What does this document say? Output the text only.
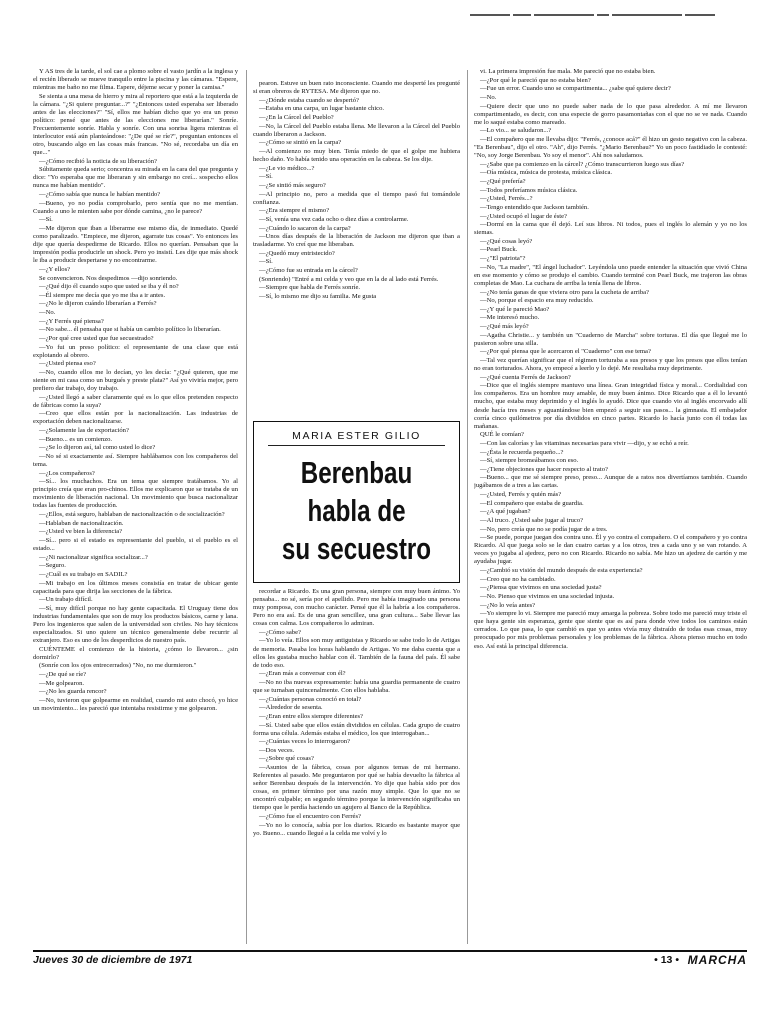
Y AS tres de la tarde, el sol cae a plomo sobre el vasto jardín a la inglesa y el recién liberado se mueve tranquilo entre la piscina y las cámaras. "Espere, mientras me baño no me filma. Espere, déjeme secar y poner la camisa."

Se sienta a una mesa de hierro y mira al reportero que está a la izquierda de la cámara. "¿Si quiere preguntar...?" "¿Entonces usted esperaba ser liberado antes de las elecciones?" "Sí, ellos me habían dicho que yo era un preso político: pensé que antes de las elecciones me liberarían." Sonríe. Frecuentemente sonríe. Habla y sonríe. Con una sonrisa ligera mientras el interlocutor está aún planteándose: "¿De qué se ríe?", preguntan entonces el otro, buscando algo en las cosas más francas. "No sé, recordaba un día en que..."

—¿Cómo recibió la noticia de su liberación?

Súbitamente queda serio; concentra su mirada en la cara del que pregunta y dice: "Yo esperaba que me liberaran y sin embargo no creí... sospecho ellos nunca me habían mentido".

—¿Cómo sabía que nunca le habían mentido?

—Bueno, yo no podía comprobarlo, pero sentía que no me mentían. Cuando a uno le mienten sabe por dónde camina, ¿no le parece?

—Sí.

—Me dijeron que iban a liberarme ese mismo día, de inmediato. Quedé como paralizado. "Empiece, me dijeron, agarrate tus cosas". Yo entonces les dije que quería despedirme de Ricardo. Ellos no querían. Pensaban que la impresión podía producirle un shock. Pero yo insistí. Les dije que más shock le iba a producir despertarse y no encontrarme.

—¿Y ellos?

Se convencieron. Nos despedimos —dijo sonriendo.

—¿Qué dijo él cuando supo que usted se iba y él no?

—Él siempre me decía que yo me iba a ir antes.

—¿No le dijeron cuándo liberarían a Ferrés?

—No.

—¿Y Ferrés qué piensa?

—No sabe... él pensaba que si había un cambio político lo liberarían.

—¿Por qué cree usted que fue secuestrado?

—Yo fui un preso político: el representante de una clase que está explotando al obrero.

—¿Usted piensa eso?

—No, cuando ellos me lo decían, yo les decía: "¿Qué quieren, que me siente en mi casa como un burgués y preste plata?" Así yo viviría mejor, pero prefiero dar trabajo, doy trabajo.

—¿Usted llegó a saber claramente qué es lo que ellos pretenden respecto de fábricas como la suya?

—Creo que ellos están por la nacionalización. Las industrias de exportación deben nacionalizarse.

—¿Solamente las de exportación?

—Bueno... es un comienzo.

—¿Se lo dijeron así, tal como usted lo dice?

—No sé si exactamente así. Siempre hablábamos con los compañeros del tema.

—¿Los compañeros?

—Sí... los muchachos. Era un tema que siempre tratábamos. Yo al principio creía que eran pro-chinos. Ellos me explicaron que se trataba de un movimiento de liberación nacional. Un movimiento que busca nacionalizar todas las fuentes de producción.

—¿Ellos, está seguro, hablaban de nacionalización o de socialización?

—Hablaban de nacionalización.

—¿Usted ve bien la diferencia?

—Sí... pero si el estado es representante del pueblo, si el pueblo es el estado...

—¿Ni nacionalizar significa socializar...?

—Seguro.

—¿Cuál es su trabajo en SADIL?

—Mi trabajo en los últimos meses consistía en tratar de ubicar gente capacitada para que dirija las secciones de la fábrica.

—Un trabajo difícil.

—Sí, muy difícil porque no hay gente capacitada. El Uruguay tiene dos industrias fundamentales que son de muy los productos básicos, carne y lana. Pero los ingenieros que salen de la universidad son civiles. No hay técnicos especializados. Si uno quiere un técnico generalmente debe recurrir al extranjero. Eso es uno de los desperdicios de nuestro país.

CUÉNTEME el comienzo de la historia, ¿cómo lo llevaron... ¿sin dormirlo?

(Sonríe con los ojos entrecerrados) "No, no me durmieron."

—¿De qué se ríe?

—Me golpearon.

—¿No les guarda rencor?

—No, tuvieron que golpearme en realidad, cuando mi auto chocó, yo hice un movimiento... les pareció que intentaba resistirme y me golpearon.

pearon. Estuve un buen rato inconsciente. Cuando me desperté les pregunté si eran obreros de RYTESA. Me dijeron que no.

—¿Dónde estaba cuando se despertó?

—Estaba en una carpa, un lugar bastante chico.

—¿En la Cárcel del Pueblo?

—No, la Cárcel del Pueblo estaba llena. Me llevaron a la Cárcel del Pueblo cuando liberaron a Jackson.

—¿Cómo se sintió en la carpa?

—Al comienzo no muy bien. Tenía miedo de que el golpe me hubiera hecho daño. Yo había tenido una operación en la cabeza. Se los dije.

—¿Le vio médico...?

—Sí.

—¿Se sintió más seguro?

—Al principio no, pero a medida que el tiempo pasó fui tomándole confianza.

—¿Era siempre el mismo?

—Sí, venía una vez cada ocho o diez días a controlarme.

—¿Cuándo lo sacaron de la carpa?

—Unos días después de la liberación de Jackson me dijeron que iban a trasladarme. Yo creí que me liberaban.

—¿Quedó muy entristecido?

—Sí.

—¿Cómo fue su entrada en la cárcel?

(Sonriendo) "Entré a mi celda y veo que en la de al lado está Ferrés.

—Siempre que habla de Ferrés sonríe.

—Sí, lo mismo me dijo su familia. Me gusta

MARIA ESTER GILIO
Berenbau
habla de
su secuestro

recordar a Ricardo. Es una gran persona, siempre con muy buen ánimo. Yo pensaba... no sé, sería por el apellido. Pero me había imaginado una persona muy pomposa, con mucho carácter. Pensé que él la habría a los compañeros. Pero no era así. Es de una gran sencillez, una gran cultura... Sabe llevar las cosas con calma. Los compañeros lo admiran.

—¿Cómo sabe?

—Yo lo veía. Ellos son muy antiguistas y Ricardo se sabe todo lo de Artigas de memoria. Pasaba los horas hablando de Artigas. Yo me daba cuenta que a ellos les gustaba mucho hablar con él. También de la fauna del país. Él sabe de todo eso.

—¿Eran más a conversar con él?

—No no iba nuevas expresamente: había una guardia permanente de cuatro que se turnaban quincenalmente. Con ellos hablaba.

—¿Cuántas personas conoció en total?

—Alrededor de sesenta.

—¿Eran entre ellos siempre diferentes?

—Sí. Usted sabe que ellos están divididos en células. Cada grupo de cuatro forma una célula. Además estaba el médico, los que interrogaban...

—¿Cuántas veces lo interrogaron?

—Dos veces.

—¿Sobre qué cosas?

—Asuntos de la fábrica, cosas por algunos temas de mi hermano. Referentes al pasado. Me preguntaron por qué se había devuelto la fábrica al señor Berenbau después de la intervención. Yo dije que había sido por dos cosas, en primer término por una razón muy simple. Que lo que no se encontró culpable; en segundo término porque la intervención significaba un tiempo que le perdía haciendo un agujero al Banco de la República.

—¿Cómo fue el encuentro con Ferrés?

—Yo no lo conocía, sabía por los diarios. Ricardo es bastante mayor que yo. Bueno... cuando llegué a la celda me volví y lo

vi. La primera impresión fue mala. Me pareció que no estaba bien.

—¿Por qué le pareció que no estaba bien?

—Fue un error. Cuando uno se compartimenta... ¿sabe qué quiere decir?

—No.

—Quiere decir que uno no puede saber nada de lo que pasa alrededor. A mí me llevaron compartimentado, es decir, con una especie de gorro pasamontañas con el que no se ve nada. Cuando me lo saqué estaba como mareado.

—Lo vio... se saludaron...?

—El compañero que me llevaba dijo: "Ferrés, ¿conoce acá?" él hizo un gesto negativo con la cabeza. "Es Berenbau", dijo el otro. "Ah", dijo Ferrés. "¿Mario Berenbau?" Yo un poco fastidiado le contesté: "No, soy Jorge Berenbau. Yo soy el menor". Ahí nos saludamos.

—¿Sabe que pa comienzo en la cárcel? ¿Cómo transcurrieron luego sus días?

—Oía música, música de protesta, música clásica.

—¿Qué prefería?

—Todos preferíamos música clásica.

—¿Usted, Ferrés...?

—Tengo entendido que Jackson también.

—¿Usted ocupó el lugar de éste?

—Dormí en la cama que él dejó. Leí sus libros. Ni todos, pues el inglés lo alemán y yo no los siemas.

—¿Qué cosas leyó?

—Pearl Buck.

—¿"El patriota"?

—No, "La madre", "El ángel luchador". Leyéndola uno puede entender la situación que vivió China en ese momento y cómo se produjo el cambio. Cuando terminé con Pearl Buck, me trajeron las obras completas de Mao. La cuchara de arriba la tenía llena de libros.

—¿No tenía ganas de que viviera otro para la cucheta de arriba?

—No, porque el espacio era muy reducido.

—¿Y qué le pareció Mao?

—Me interesó mucho.

—¿Qué más leyó?

—Agatha Christie... y también un "Cuaderno de Marcha" sobre torturas. El día que llegué me lo pusieron sobre una silla.

—¿Por qué piensa que le acercaron el "Cuaderno" con ese tema?

—Tal vez querían significar que el régimen torturaba a sus presos y que los presos que ellos tenían no eran torturados. Ahora, yo empecé a leerlo y lo dejé. Me resultaba muy deprimente.

—¿Qué cuenta Ferrés de Jackson?

—Dice que el inglés siempre mantuvo una línea. Gran integridad física y moral... Cordialidad con los compañeros. Era un hombre muy amable, de muy buen ánimo. Dice Ricardo que a él lo levantó mucho, que estaba muy deprimido y el inglés lo ayudó. Dice que cuando vio al inglés encorvado allí desde hacía tres meses y aguantándose bien empezó a seguir sus pasos... la gimnasia. El embajador corría cinco quilómetros por día divididos en cinco partes. Ricardo lo hacía junto con él todas las mañanas.

QUÉ le comían?

—Con las calorías y las vitaminas necesarias para vivir —dijo, y se echó a reír.

—¿Ésta le recuerda pequeño...?

—Sí, siempre bromeábamos con eso.

—¿Tiene objeciones que hacer respecto al trato?

—Bueno... que me sé siempre preso, preso... Aunque de a ratos nos divertíamos también. Cuando jugábamos de a tres a las cartas.

—¿Usted, Ferrés y quién más?

—El compañero que estaba de guardia.

—¿A qué jugaban?

—Al truco. ¿Usted sabe jugar al truco?

—No, pero creía que no se podía jugar de a tres.

—Se puede, porque juegan dos contra uno. Él y yo contra el compañero. O el compañero y yo contra Ricardo. Al que juega solo se le dan cuatro cartas y a los otros, tres a cada uno y se van rotando. A veces yo jugaba al ajedrez, pero no con Ricardo. Ricardo no sabía. Me hizo un ajedrez de cartón y me ayudaba jugar.

—¿Cambió su visión del mundo después de esta experiencia?

—Creo que no ha cambiado.

—¿Piensa que vivimos en una sociedad justa?

—No. Pienso que vivimos en una sociedad injusta.

—¿No lo veía antes?

—Yo siempre lo vi. Siempre me pareció muy amarga la pobreza. Sobre todo me pareció muy triste el que haya gente sin esperanza, gente que siente que es así para donde vive todos los caminos están cerrados. Lo que pasa, lo que cambió es que yo antes vivía muy distraído de todas esas cosas, muy preocupado por mis problemas personales y los problemas de la fábrica. Ahora pienso mucho en todo eso. Así está la principal diferencia.

Jueves 30 de diciembre de 1971	• 13 • MARCHA
